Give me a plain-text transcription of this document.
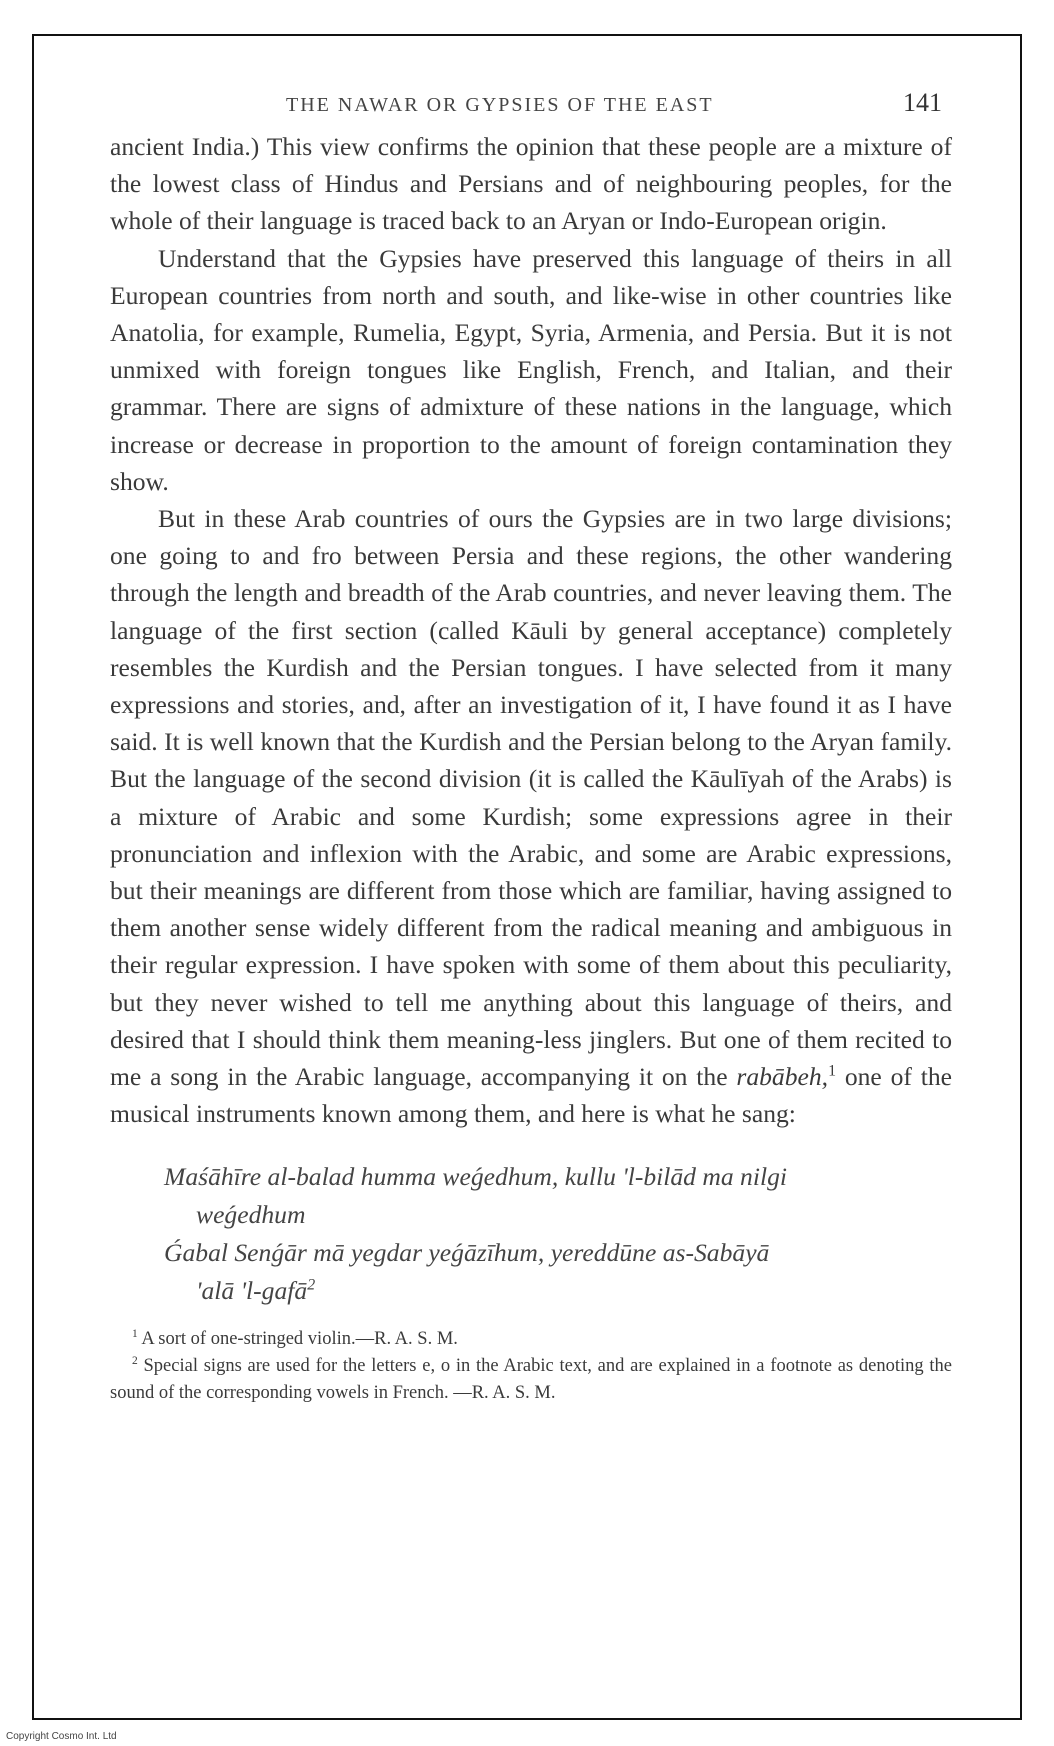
THE NAWAR OR GYPSIES OF THE EAST	141

ancient India.) This view confirms the opinion that these people are a mixture of the lowest class of Hindus and Persians and of neighbouring peoples, for the whole of their language is traced back to an Aryan or Indo-European origin.

Understand that the Gypsies have preserved this language of theirs in all European countries from north and south, and like-wise in other countries like Anatolia, for example, Rumelia, Egypt, Syria, Armenia, and Persia. But it is not unmixed with foreign tongues like English, French, and Italian, and their grammar. There are signs of admixture of these nations in the language, which increase or decrease in proportion to the amount of foreign contamination they show.

But in these Arab countries of ours the Gypsies are in two large divisions; one going to and fro between Persia and these regions, the other wandering through the length and breadth of the Arab countries, and never leaving them. The language of the first section (called Kāuli by general acceptance) completely resembles the Kurdish and the Persian tongues. I have selected from it many expressions and stories, and, after an investigation of it, I have found it as I have said. It is well known that the Kurdish and the Persian belong to the Aryan family. But the language of the second division (it is called the Kāulīyah of the Arabs) is a mixture of Arabic and some Kurdish; some expressions agree in their pronunciation and inflexion with the Arabic, and some are Arabic expressions, but their meanings are different from those which are familiar, having assigned to them another sense widely different from the radical meaning and ambiguous in their regular expression. I have spoken with some of them about this peculiarity, but they never wished to tell me anything about this language of theirs, and desired that I should think them meaning-less jinglers. But one of them recited to me a song in the Arabic language, accompanying it on the rabābeh,$^1$ one of the musical instruments known among them, and here is what he sang:

Maśāhīre al-balad humma weǵedhum, kullu 'l-bilād ma nilgi

weǵedhum

Ǵabal Senǵār mā yegdar yeǵāzīhum, yereddūne as-Sabāyā

'alā 'l-gafā$^2$

$^1$ A sort of one-stringed violin.—R. A. S. M.

$^2$ Special signs are used for the letters e, o in the Arabic text, and are explained in a footnote as denoting the sound of the corresponding vowels in French. —R. A. S. M.

Copyright Cosmo Int. Ltd
